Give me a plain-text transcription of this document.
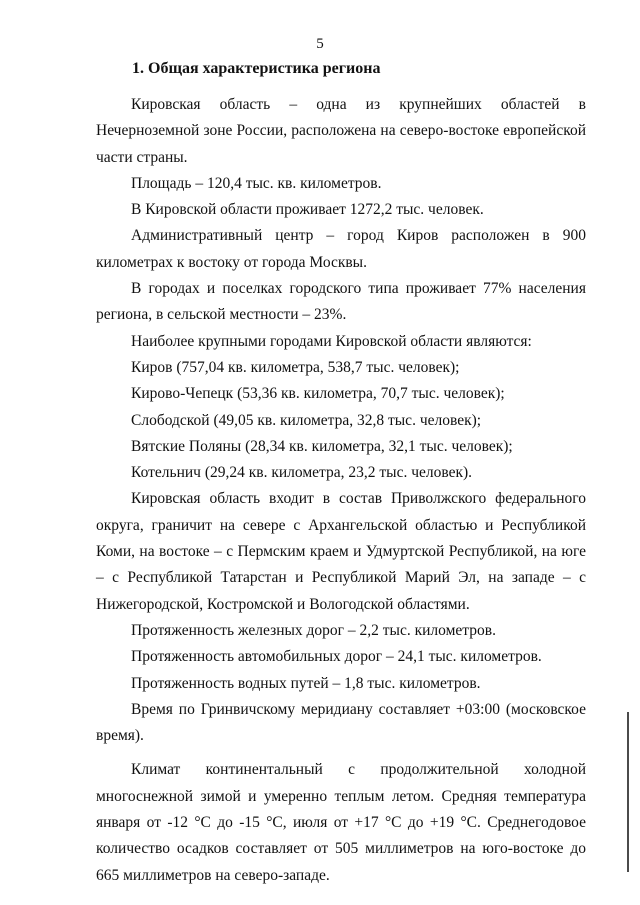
5
1. Общая характеристика региона

Кировская область – одна из крупнейших областей в Нечерноземной зоне России, расположена на северо-востоке европейской части страны.

Площадь – 120,4 тыс. кв. километров.

В Кировской области проживает 1272,2 тыс. человек.

Административный центр – город Киров расположен в 900 километрах к востоку от города Москвы.

В городах и поселках городского типа проживает 77% населения региона, в сельской местности – 23%.

Наиболее крупными городами Кировской области являются:

Киров (757,04 кв. километра, 538,7 тыс. человек);

Кирово-Чепецк (53,36 кв. километра, 70,7 тыс. человек);

Слободской (49,05 кв. километра, 32,8 тыс. человек);

Вятские Поляны (28,34 кв. километра, 32,1 тыс. человек);

Котельнич (29,24 кв. километра, 23,2 тыс. человек).

Кировская область входит в состав Приволжского федерального округа, граничит на севере с Архангельской областью и Республикой Коми, на востоке – с Пермским краем и Удмуртской Республикой, на юге – с Республикой Татарстан и Республикой Марий Эл, на западе – с Нижегородской, Костромской и Вологодской областями.

Протяженность железных дорог – 2,2 тыс. километров.

Протяженность автомобильных дорог – 24,1 тыс. километров.

Протяженность водных путей – 1,8 тыс. километров.

Время по Гринвичскому меридиану составляет +03:00 (московское время).

Климат континентальный с продолжительной холодной многоснежной зимой и умеренно теплым летом. Средняя температура января от -12 °С до -15 °С, июля от +17 °С до +19 °С. Среднегодовое количество осадков составляет от 505 миллиметров на юго-востоке до 665 миллиметров на северо-западе.
